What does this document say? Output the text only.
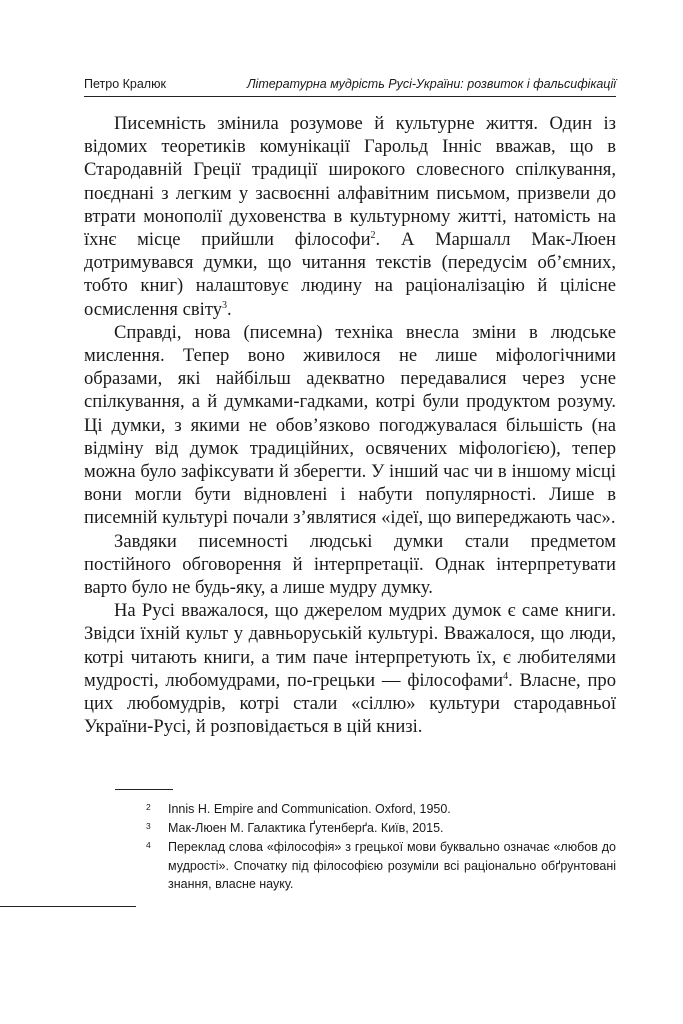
Петро Кралюк	Літературна мудрість Русі-України: розвиток і фальсифікації

Писемність змінила розумове й культурне життя. Один із відомих теоретиків комунікації Гарольд Інніс вважав, що в Стародавній Греції традиції широкого словесного спілкування, поєднані з легким у засвоєнні алфавітним письмом, призвели до втрати монополії духовенства в культурному житті, натомість на їхнє місце прийшли філософи$^2$. А Маршалл Мак-Люен дотримувався думки, що читання текстів (передусім об’ємних, тобто книг) налаштовує людину на раціоналізацію й цілісне осмислення світу$^3$.

Справді, нова (писемна) техніка внесла зміни в людське мислення. Тепер воно живилося не лише міфологічними образами, які найбільш адекватно передавалися через усне спілкування, а й думками-гадками, котрі були продуктом розуму. Ці думки, з якими не обов’язково погоджувалася більшість (на відміну від думок традиційних, освячених міфологією), тепер можна було зафіксувати й зберегти. У інший час чи в іншому місці вони могли бути відновлені і набути популярності. Лише в писемній культурі почали з’являтися «ідеї, що випереджають час».

Завдяки писемності людські думки стали предметом постійного обговорення й інтерпретації. Однак інтерпретувати варто було не будь-яку, а лише мудру думку.

На Русі вважалося, що джерелом мудрих думок є саме книги. Звідси їхній культ у давньоруській культурі. Вважалося, що люди, котрі читають книги, а тим паче інтерпретують їх, є любителями мудрості, любомудрами, по-грецьки — філософами$^4$. Власне, про цих любомудрів, котрі стали «сіллю» культури стародавньої України-Русі, й розповідається в цій книзі.

2 Innis H. Empire and Communication. Oxford, 1950.
3 Мак-Люен М. Галактика Ґутенберґа. Київ, 2015.
4 Переклад слова «філософія» з грецької мови буквально означає «любов до мудрості». Спочатку під філософією розуміли всі раціонально обґрунтовані знання, власне науку.
